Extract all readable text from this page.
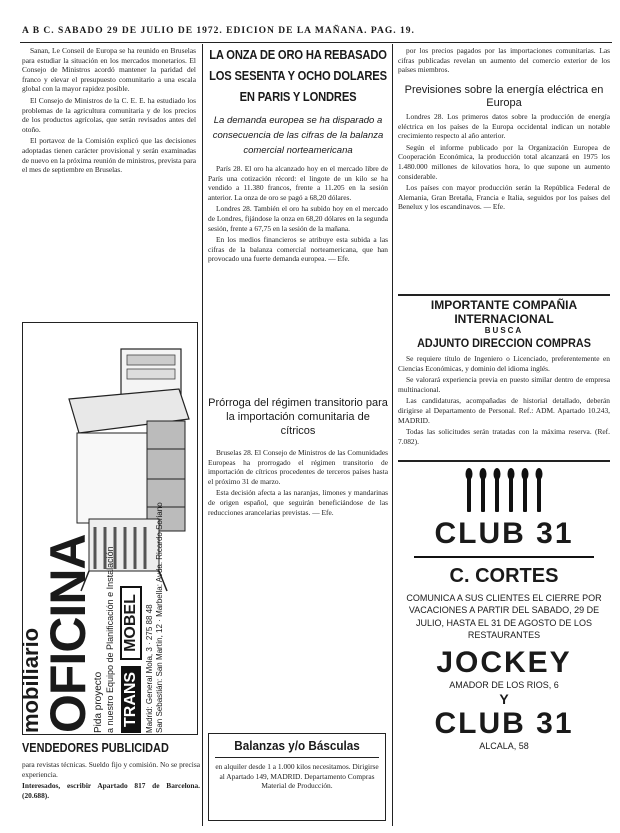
A B C. SABADO 29 DE JULIO DE 1972. EDICION DE LA MAÑANA. PAG. 19.

Sanan, Le Conseil de Europa se ha reunido en Bruselas para estudiar la situación en los mercados monetarios. El Consejo de Ministros acordó mantener la paridad del franco y elevar el presupuesto comunitario a una escala global con la mayor rapidez posible.

El Consejo de Ministros de la C. E. E. ha estudiado los problemas de la agricultura comunitaria y de los precios de los productos agrícolas, que serán revisados antes del otoño.

El portavoz de la Comisión explicó que las decisiones adoptadas tienen carácter provisional y serán examinadas de nuevo en la próxima reunión de ministros, prevista para el mes de septiembre en Bruselas.

mobiliario
OFICINA
Pida proyecto a nuestro Equipo de Planificación e Instalación TRANS
MOBEL Madrid: General Mola, 3 · 275 88 48 San Sebastián: San Martín, 12 · Marbella: Avda. Ricardo Soriano
VENDEDORES PUBLICIDAD
para revistas técnicas. Sueldo fijo y comisión. No se precisa experiencia.
Interesados, escribir Apartado 817 de Barcelona. (20.688).
LA ONZA DE ORO HA REBASADO LOS SESENTA Y OCHO DOLARES EN PARIS Y LONDRES
La demanda europea se ha disparado a consecuencia de las cifras de la balanza comercial norteamericana

París 28. El oro ha alcanzado hoy en el mercado libre de París una cotización récord: el lingote de un kilo se ha vendido a 11.380 francos, frente a 11.205 en la sesión anterior. La onza de oro se pagó a 68,20 dólares.

Londres 28. También el oro ha subido hoy en el mercado de Londres, fijándose la onza en 68,20 dólares en la segunda sesión, frente a 67,75 en la sesión de la mañana.

En los medios financieros se atribuye esta subida a las cifras de la balanza comercial norteamericana, que han provocado una fuerte demanda europea. — Efe.

Prórroga del régimen transitorio para la importación comunitaria de cítricos

Bruselas 28. El Consejo de Ministros de las Comunidades Europeas ha prorrogado el régimen transitorio de importación de cítricos procedentes de terceros países hasta el próximo 31 de marzo.

Esta decisión afecta a las naranjas, limones y mandarinas de origen español, que seguirán beneficiándose de las reducciones arancelarias previstas. — Efe.

Balanzas y/o Básculas
en alquiler desde 1 a 1.000 kilos necesitamos. Dirigirse al Apartado 149, MADRID. Departamento Compras Material de Producción.

por los precios pagados por las importaciones comunitarias. Las cifras publicadas revelan un aumento del comercio exterior de los países miembros.

Previsiones sobre la energía eléctrica en Europa

Londres 28. Los primeros datos sobre la producción de energía eléctrica en los países de la Europa occidental indican un notable crecimiento respecto al año anterior.

Según el informe publicado por la Organización Europea de Cooperación Económica, la producción total alcanzará en 1975 los 1.480.000 millones de kilovatios hora, lo que supone un aumento considerable.

Los países con mayor producción serán la República Federal de Alemania, Gran Bretaña, Francia e Italia, seguidos por los países del Benelux y los escandinavos. — Efe.

IMPORTANTE COMPAÑIA
INTERNACIONAL
BUSCA
ADJUNTO DIRECCION COMPRAS

Se requiere título de Ingeniero o Licenciado, preferentemente en Ciencias Económicas, y dominio del idioma inglés.

Se valorará experiencia previa en puesto similar dentro de empresa multinacional.

Las candidaturas, acompañadas de historial detallado, deberán dirigirse al Departamento de Personal. Ref.: ADM. Apartado 10.243, MADRID.

Todas las solicitudes serán tratadas con la máxima reserva. (Ref. 7.082).

CLUB 31
C. CORTES
COMUNICA A SUS CLIENTES EL CIERRE POR VACACIONES A PARTIR DEL SABADO, 29 DE JULIO, HASTA EL 31 DE AGOSTO DE LOS RESTAURANTES
JOCKEY
AMADOR DE LOS RIOS, 6
Y
CLUB 31
ALCALA, 58
